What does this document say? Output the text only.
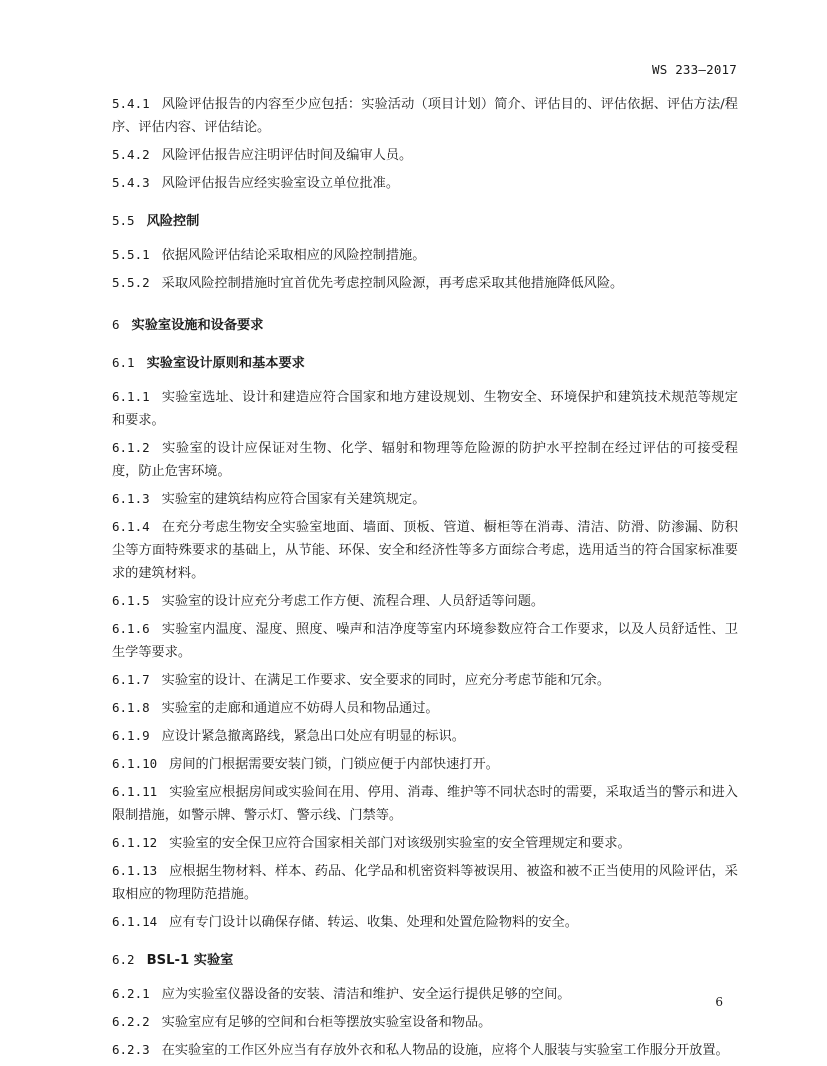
WS 233—2017

5.4.1 风险评估报告的内容至少应包括：实验活动（项目计划）简介、评估目的、评估依据、评估方法/程序、评估内容、评估结论。

5.4.2 风险评估报告应注明评估时间及编审人员。

5.4.3 风险评估报告应经实验室设立单位批准。

5.5 风险控制

5.5.1 依据风险评估结论采取相应的风险控制措施。

5.5.2 采取风险控制措施时宜首优先考虑控制风险源，再考虑采取其他措施降低风险。

6 实验室设施和设备要求
6.1 实验室设计原则和基本要求

6.1.1 实验室选址、设计和建造应符合国家和地方建设规划、生物安全、环境保护和建筑技术规范等规定和要求。

6.1.2 实验室的设计应保证对生物、化学、辐射和物理等危险源的防护水平控制在经过评估的可接受程度，防止危害环境。

6.1.3 实验室的建筑结构应符合国家有关建筑规定。

6.1.4 在充分考虑生物安全实验室地面、墙面、顶板、管道、橱柜等在消毒、清洁、防滑、防渗漏、防积尘等方面特殊要求的基础上，从节能、环保、安全和经济性等多方面综合考虑，选用适当的符合国家标准要求的建筑材料。

6.1.5 实验室的设计应充分考虑工作方便、流程合理、人员舒适等问题。

6.1.6 实验室内温度、湿度、照度、噪声和洁净度等室内环境参数应符合工作要求，以及人员舒适性、卫生学等要求。

6.1.7 实验室的设计、在满足工作要求、安全要求的同时，应充分考虑节能和冗余。

6.1.8 实验室的走廊和通道应不妨碍人员和物品通过。

6.1.9 应设计紧急撤离路线，紧急出口处应有明显的标识。

6.1.10 房间的门根据需要安装门锁，门锁应便于内部快速打开。

6.1.11 实验室应根据房间或实验间在用、停用、消毒、维护等不同状态时的需要，采取适当的警示和进入限制措施，如警示牌、警示灯、警示线、门禁等。

6.1.12 实验室的安全保卫应符合国家相关部门对该级别实验室的安全管理规定和要求。

6.1.13 应根据生物材料、样本、药品、化学品和机密资料等被误用、被盗和被不正当使用的风险评估，采取相应的物理防范措施。

6.1.14 应有专门设计以确保存储、转运、收集、处理和处置危险物料的安全。

6.2 BSL-1 实验室

6.2.1 应为实验室仪器设备的安装、清洁和维护、安全运行提供足够的空间。

6.2.2 实验室应有足够的空间和台柜等摆放实验室设备和物品。

6.2.3 在实验室的工作区外应当有存放外衣和私人物品的设施，应将个人服装与实验室工作服分开放置。

6
